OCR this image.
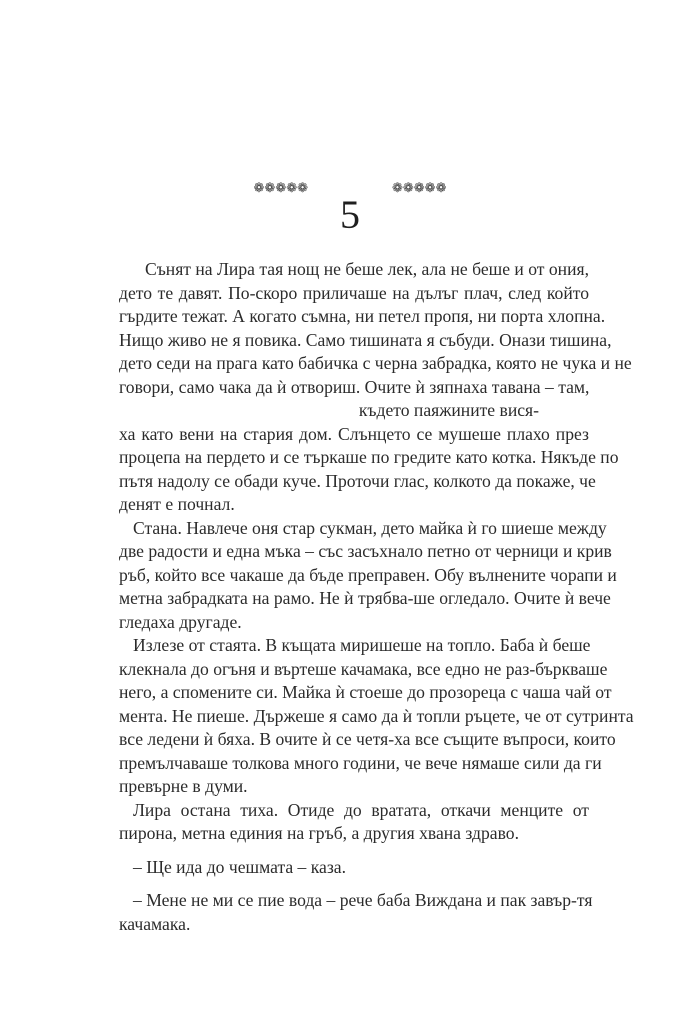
❁❁❁❁❁	❁❁❁❁❁
5
Сънят на Лира тая нощ не беше лек, ала не беше и от ония,
дето те давят. По-скоро приличаше на дълъг плач, след който
гърдите тежат. А когато съмна, ни петел пропя, ни порта хлопна.
Нищо живо не я повика. Само тишината я събуди. Онази тишина,
дето седи на прага като бабичка с черна забрадка, която не чука и не
говори, само чака да ѝ отвориш. Очите ѝ зяпнаха тавана – там,
където паяжините вися-
ха като вени на стария дом. Слънцето се мушеше плахо през
процепа на пердето и се търкаше по гредите като котка. Някъде по
пътя надолу се обади куче. Проточи глас, колкото да покаже, че
денят е почнал.
Стана. Навлече оня стар сукман, дето майка ѝ го шиеше между
две радости и една мъка – със засъхнало петно от черници и крив
ръб, който все чакаше да бъде преправен. Обу вълнените чорапи и
метна забрадката на рамо. Не ѝ трябва-ше огледало. Очите ѝ вече
гледаха другаде.
Излезе от стаята. В къщата миришеше на топло. Баба ѝ беше
клекнала до огъня и въртеше качамака, все едно не раз-бъркваше
него, а спомените си. Майка ѝ стоеше до прозореца с чаша чай от
мента. Не пиеше. Държеше я само да ѝ топли ръцете, че от сутринта
все ледени ѝ бяха. В очите ѝ се четя-ха все същите въпроси, които
премълчаваше толкова много години, че вече нямаше сили да ги
превърне в думи.
Лира остана тиха. Отиде до вратата, откачи менците от
пирона, метна единия на гръб, а другия хвана здраво.
– Ще ида до чешмата – каза.
– Мене не ми се пие вода – рече баба Виждана и пак завър-тя
качамака.
